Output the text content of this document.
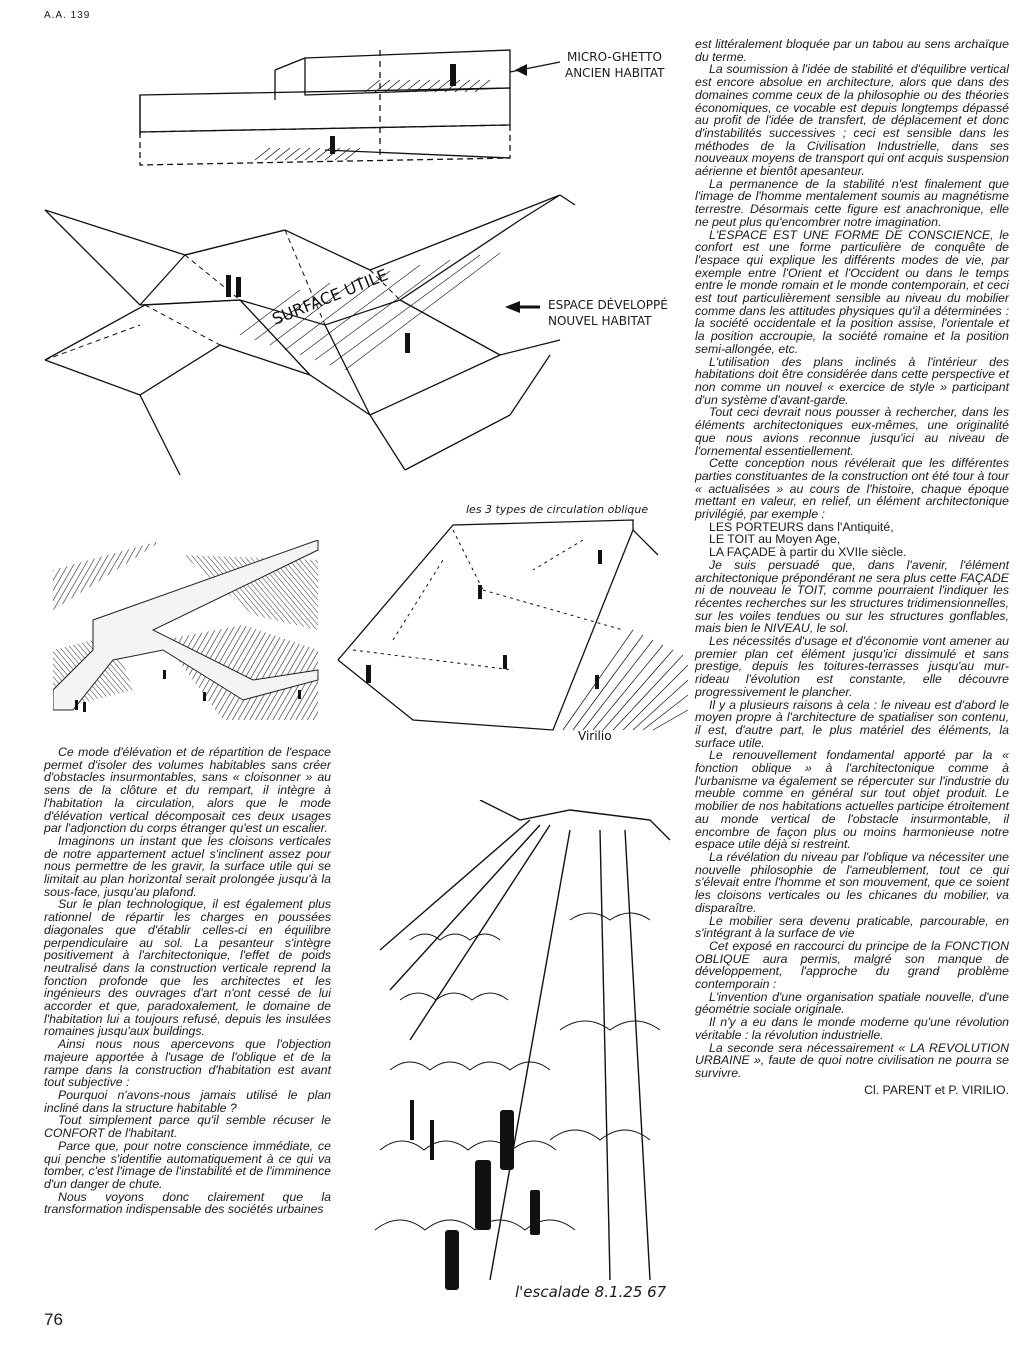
A.A. 139
MICRO-GHETTO
ANCIEN HABITAT
SURFACE UTILE	ESPACE DÉVELOPPÉ
NOUVEL HABITAT
Virilio
les 3 types de circulation oblique
l'escalade 8.1.25 67

est littéralement bloquée par un tabou au sens archaïque du terme.

La soumission à l'idée de stabilité et d'équilibre vertical est encore absolue en architecture, alors que dans des domaines comme ceux de la philosophie ou des théories économiques, ce vocable est depuis longtemps dépassé au profit de l'idée de transfert, de déplacement et donc d'instabilités successives ; ceci est sensible dans les méthodes de la Civilisation Industrielle, dans ses nouveaux moyens de transport qui ont acquis suspension aérienne et bientôt apesanteur.

La permanence de la stabilité n'est finalement que l'image de l'homme mentalement soumis au magnétisme terrestre. Désormais cette figure est anachronique, elle ne peut plus qu'encombrer notre imagination.

L'ESPACE EST UNE FORME DE CONSCIENCE, le confort est une forme particulière de conquête de l'espace qui explique les différents modes de vie, par exemple entre l'Orient et l'Occident ou dans le temps entre le monde romain et le monde contemporain, et ceci est tout particulièrement sensible au niveau du mobilier comme dans les attitudes physiques qu'il a déterminées : la société occidentale et la position assise, l'orientale et la position accroupie, la société romaine et la position semi-allongée, etc.

L'utilisation des plans inclinés à l'intérieur des habitations doit être considérée dans cette perspective et non comme un nouvel « exercice de style » participant d'un système d'avant-garde.

Tout ceci devrait nous pousser à rechercher, dans les éléments architectoniques eux-mêmes, une originalité que nous avions reconnue jusqu'ici au niveau de l'ornemental essentiellement.

Cette conception nous révélerait que les différentes parties constituantes de la construction ont été tour à tour « actualisées » au cours de l'histoire, chaque époque mettant en valeur, en relief, un élément architectonique privilégié, par exemple :

LES PORTEURS dans l'Antiquité,

LE TOIT au Moyen Age,

LA FAÇADE à partir du XVIIe siècle.

Je suis persuadé que, dans l'avenir, l'élément architectonique prépondérant ne sera plus cette FAÇADE ni de nouveau le TOIT, comme pourraient l'indiquer les récentes recherches sur les structures tridimensionnelles, sur les voiles tendues ou sur les structures gonflables, mais bien le NIVEAU, le sol.

Les nécessités d'usage et d'économie vont amener au premier plan cet élément jusqu'ici dissimulé et sans prestige, depuis les toitures-terrasses jusqu'au mur-rideau l'évolution est constante, elle découvre progressivement le plancher.

Il y a plusieurs raisons à cela : le niveau est d'abord le moyen propre à l'architecture de spatialiser son contenu, il est, d'autre part, le plus matériel des éléments, la surface utile.

Le renouvellement fondamental apporté par la « fonction oblique » à l'architectonique comme à l'urbanisme va également se répercuter sur l'industrie du meuble comme en général sur tout objet produit. Le mobilier de nos habitations actuelles participe étroitement au monde vertical de l'obstacle insurmontable, il encombre de façon plus ou moins harmonieuse notre espace utile déjà si restreint.

La révélation du niveau par l'oblique va nécessiter une nouvelle philosophie de l'ameublement, tout ce qui s'élevait entre l'homme et son mouvement, que ce soient les cloisons verticales ou les chicanes du mobilier, va disparaître.

Le mobilier sera devenu praticable, parcourable, en s'intégrant à la surface de vie

Cet exposé en raccourci du principe de la FONCTION OBLIQUE aura permis, malgré son manque de développement, l'approche du grand problème contemporain :

L'invention d'une organisation spatiale nouvelle, d'une géométrie sociale originale.

Il n'y a eu dans le monde moderne qu'une révolution véritable : la révolution industrielle.

La seconde sera nécessairement « LA REVOLUTION URBAINE », faute de quoi notre civilisation ne pourra se survivre.

Cl. PARENT et P. VIRILIO.

Ce mode d'élévation et de répartition de l'espace permet d'isoler des volumes habitables sans créer d'obstacles insurmontables, sans « cloisonner » au sens de la clôture et du rempart, il intègre à l'habitation la circulation, alors que le mode d'élévation vertical décomposait ces deux usages par l'adjonction du corps étranger qu'est un escalier.

Imaginons un instant que les cloisons verticales de notre appartement actuel s'inclinent assez pour nous permettre de les gravir, la surface utile qui se limitait au plan horizontal serait prolongée jusqu'à la sous-face, jusqu'au plafond.

Sur le plan technologique, il est également plus rationnel de répartir les charges en poussées diagonales que d'établir celles-ci en équilibre perpendiculaire au sol. La pesanteur s'intègre positivement à l'architectonique, l'effet de poids neutralisé dans la construction verticale reprend la fonction profonde que les architectes et les ingénieurs des ouvrages d'art n'ont cessé de lui accorder et que, paradoxalement, le domaine de l'habitation lui a toujours refusé, depuis les insulées romaines jusqu'aux buildings.

Ainsi nous nous apercevons que l'objection majeure apportée à l'usage de l'oblique et de la rampe dans la construction d'habitation est avant tout subjective :

Pourquoi n'avons-nous jamais utilisé le plan incliné dans la structure habitable ?

Tout simplement parce qu'il semble récuser le CONFORT de l'habitant.

Parce que, pour notre conscience immédiate, ce qui penche s'identifie automatiquement à ce qui va tomber, c'est l'image de l'instabilité et de l'imminence d'un danger de chute.

Nous voyons donc clairement que la transformation indispensable des sociétés urbaines

76
